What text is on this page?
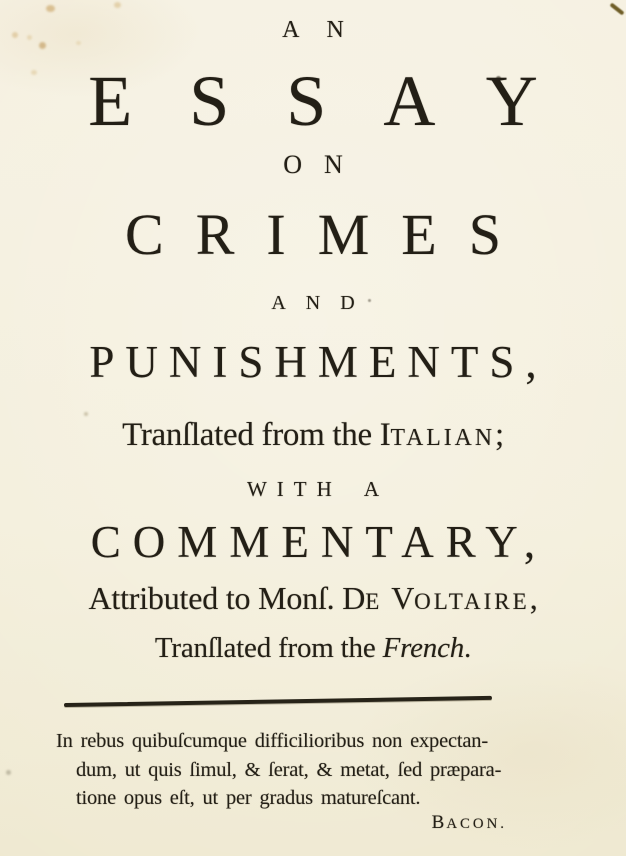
AN
ESSAY
ON
CRIMES
AND
PUNISHMENTS,
Tranſlated from the ITALIAN;
WITH A
COMMENTARY,
Attributed to Monſ. DE VOLTAIRE,
Tranſlated from the French.
In rebus quibuſcumque difficilioribus non expectan-
dum, ut quis ſimul, & ſerat, & metat, ſed præpara-
tione opus eſt, ut per gradus matureſcant.
BACON.
